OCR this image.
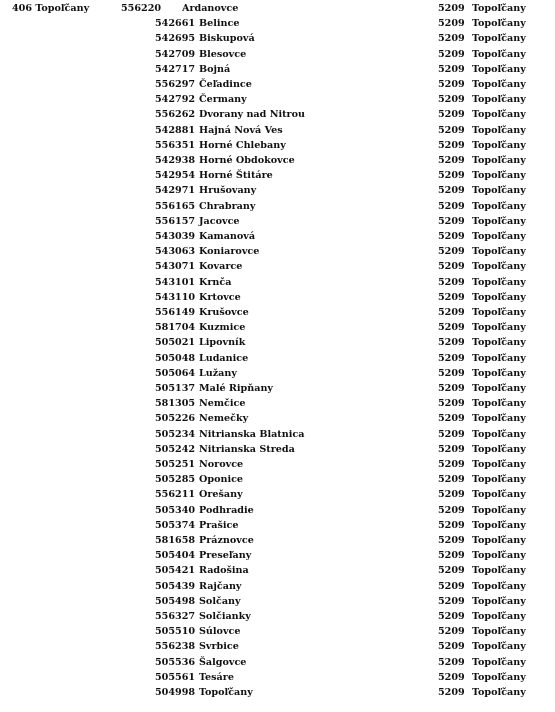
406 Topoľčany	556220 Ardanovce	5209 Topoľčany
542661 Belince	5209 Topoľčany
542695 Biskupová	5209 Topoľčany
542709 Blesovce	5209 Topoľčany
542717 Bojná	5209 Topoľčany
556297 Čeľadince	5209 Topoľčany
542792 Čermany	5209 Topoľčany
556262 Dvorany nad Nitrou	5209 Topoľčany
542881 Hajná Nová Ves	5209 Topoľčany
556351 Horné Chlebany	5209 Topoľčany
542938 Horné Obdokovce	5209 Topoľčany
542954 Horné Štitáre	5209 Topoľčany
542971 Hrušovany	5209 Topoľčany
556165 Chrabrany	5209 Topoľčany
556157 Jacovce	5209 Topoľčany
543039 Kamanová	5209 Topoľčany
543063 Koniarovce	5209 Topoľčany
543071 Kovarce	5209 Topoľčany
543101 Krnča	5209 Topoľčany
543110 Krtovce	5209 Topoľčany
556149 Krušovce	5209 Topoľčany
581704 Kuzmice	5209 Topoľčany
505021 Lipovník	5209 Topoľčany
505048 Ludanice	5209 Topoľčany
505064 Lužany	5209 Topoľčany
505137 Malé Ripňany	5209 Topoľčany
581305 Nemčice	5209 Topoľčany
505226 Nemečky	5209 Topoľčany
505234 Nitrianska Blatnica	5209 Topoľčany
505242 Nitrianska Streda	5209 Topoľčany
505251 Norovce	5209 Topoľčany
505285 Oponice	5209 Topoľčany
556211 Orešany	5209 Topoľčany
505340 Podhradie	5209 Topoľčany
505374 Prašice	5209 Topoľčany
581658 Práznovce	5209 Topoľčany
505404 Preseľany	5209 Topoľčany
505421 Radošina	5209 Topoľčany
505439 Rajčany	5209 Topoľčany
505498 Solčany	5209 Topoľčany
556327 Solčianky	5209 Topoľčany
505510 Súlovce	5209 Topoľčany
556238 Svrbice	5209 Topoľčany
505536 Šalgovce	5209 Topoľčany
505561 Tesáre	5209 Topoľčany
504998 Topoľčany	5209 Topoľčany
